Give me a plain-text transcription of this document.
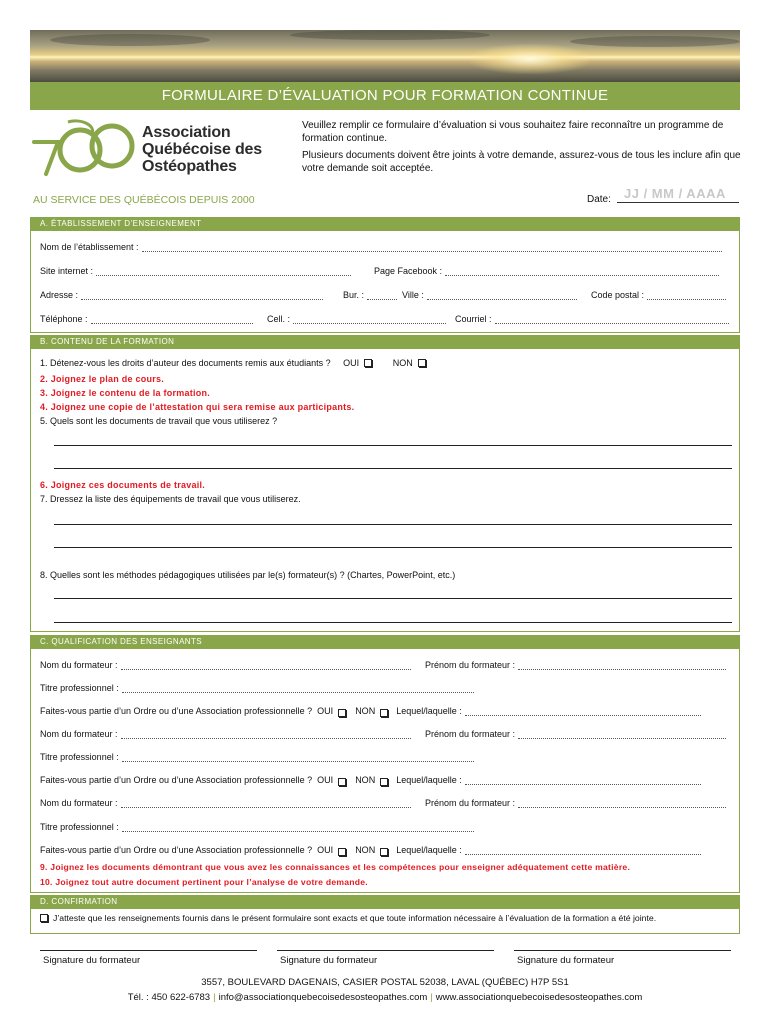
FORMULAIRE D’ÉVALUATION POUR FORMATION CONTINUE
Association
Québécoise des
Ostéopathes
AU SERVICE DES QUÉBÉCOIS DEPUIS 2000

Veuillez remplir ce formulaire d’évaluation si vous souhaitez faire reconnaître un programme de formation continue.

Plusieurs documents doivent être joints à votre demande, assurez-vous de tous les inclure afin que votre demande soit acceptée.

Date: JJ / MM / AAAA
A. ÉTABLISSEMENT D’ENSEIGNEMENT
Nom de l’établissement :
Site internet :	Page Facebook :
Adresse :	Bur. :	Ville :	Code postal :
Téléphone :	Cell. :	Courriel :
B. CONTENU DE LA FORMATION
1. Détenez-vous les droits d’auteur des documents remis aux étudiants ? OUI	NON
2. Joignez le plan de cours.
3. Joignez le contenu de la formation.
4. Joignez une copie de l’attestation qui sera remise aux participants.
5. Quels sont les documents de travail que vous utiliserez ?
6. Joignez ces documents de travail.
7. Dressez la liste des équipements de travail que vous utiliserez.
8. Quelles sont les méthodes pédagogiques utilisées par le(s) formateur(s) ? (Chartes, PowerPoint, etc.)
C. QUALIFICATION DES ENSEIGNANTS
Nom du formateur :	Prénom du formateur :
Titre professionnel :
Faites-vous partie d’un Ordre ou d’une Association professionnelle ? OUI NON Lequel/laquelle :
Nom du formateur :	Prénom du formateur :
Titre professionnel :
Faites-vous partie d’un Ordre ou d’une Association professionnelle ? OUI NON Lequel/laquelle :
Nom du formateur :	Prénom du formateur :
Titre professionnel :
Faites-vous partie d’un Ordre ou d’une Association professionnelle ? OUI NON Lequel/laquelle :
9. Joignez les documents démontrant que vous avez les connaissances et les compétences pour enseigner adéquatement cette matière.
10. Joignez tout autre document pertinent pour l’analyse de votre demande.
D. CONFIRMATION
J’atteste que les renseignements fournis dans le présent formulaire sont exacts et que toute information nécessaire à l’évaluation de la formation a été jointe.
Signature du formateur	Signature du formateur	Signature du formateur
3557, BOULEVARD DAGENAIS, CASIER POSTAL 52038, LAVAL (QUÉBEC) H7P 5S1
Tél. : 450 622-6783 | info@associationquebecoisedesosteopathes.com | www.associationquebecoisedesosteopathes.com
